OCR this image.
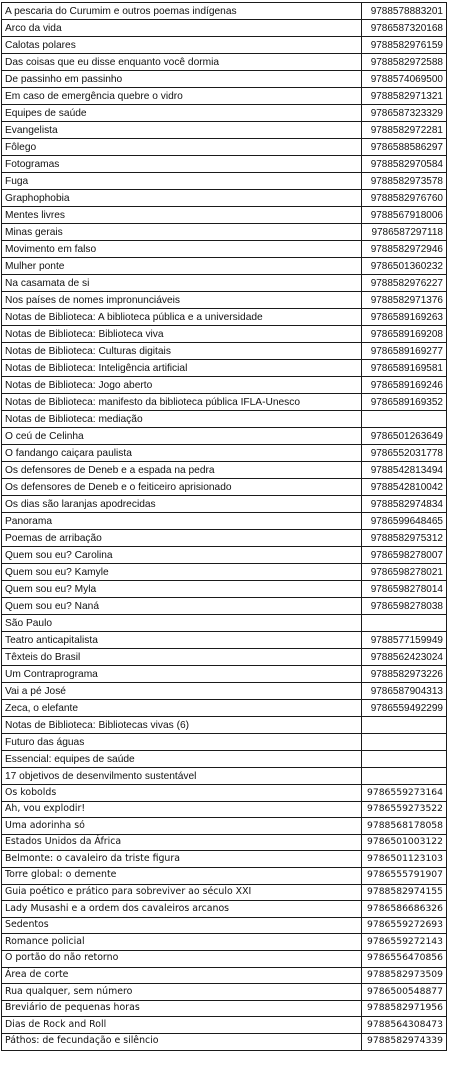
A pescaria do Curumim e outros poemas indígenas	9788578883201
Arco da vida	9786587320168
Calotas polares	9788582976159
Das coisas que eu disse enquanto você dormia	9788582972588
De passinho em passinho	9788574069500
Em caso de emergência quebre o vidro	9788582971321
Equipes de saúde	9786587323329
Evangelista	9788582972281
Fôlego	9786588586297
Fotogramas	9788582970584
Fuga	9788582973578
Graphophobia	9788582976760
Mentes livres	9788567918006
Minas gerais	9786587297118
Movimento em falso	9788582972946
Mulher ponte	9786501360232
Na casamata de si	9788582976227
Nos países de nomes impronunciáveis	9788582971376
Notas de Biblioteca: A biblioteca pública e a universidade	9786589169263
Notas de Biblioteca: Biblioteca viva	9786589169208
Notas de Biblioteca: Culturas digitais	9786589169277
Notas de Biblioteca: Inteligência artificial	9786589169581
Notas de Biblioteca: Jogo aberto	9786589169246
Notas de Biblioteca: manifesto da biblioteca pública IFLA-Unesco	9786589169352
Notas de Biblioteca: mediação	
O ceú de Celinha	9786501263649
O fandango caiçara paulista	9786552031778
Os defensores de Deneb e a espada na pedra	9788542813494
Os defensores de Deneb e o feiticeiro aprisionado	9788542810042
Os dias são laranjas apodrecidas	9788582974834
Panorama	9786599648465
Poemas de arribação	9788582975312
Quem sou eu? Carolina	9786598278007
Quem sou eu? Kamyle	9786598278021
Quem sou eu? Myla	9786598278014
Quem sou eu? Naná	9786598278038
São Paulo	
Teatro anticapitalista	9788577159949
Têxteis do Brasil	9788562423024
Um Contraprograma	9788582973226
Vai a pé José	9786587904313
Zeca, o elefante	9786559492299
Notas de Biblioteca: Bibliotecas vivas (6)	
Futuro das águas	
Essencial: equipes de saúde	
17 objetivos de desenvilmento sustentável	
Os kobolds	9786559273164
Ah, vou explodir!	9786559273522
Uma adorinha só	9788568178058
Estados Unidos da África	9786501003122
Belmonte: o cavaleiro da triste figura	9786501123103
Torre global: o demente	9786555791907
Guia poético e prático para sobreviver ao século XXI	9788582974155
Lady Musashi e a ordem dos cavaleiros arcanos	9786586686326
Sedentos	9786559272693
Romance policial	9786559272143
O portão do não retorno	9786556470856
Área de corte	9788582973509
Rua qualquer, sem número	9786500548877
Breviário de pequenas horas	9788582971956
Dias de Rock and Roll	9788564308473
Páthos: de fecundação e silêncio	9788582974339
